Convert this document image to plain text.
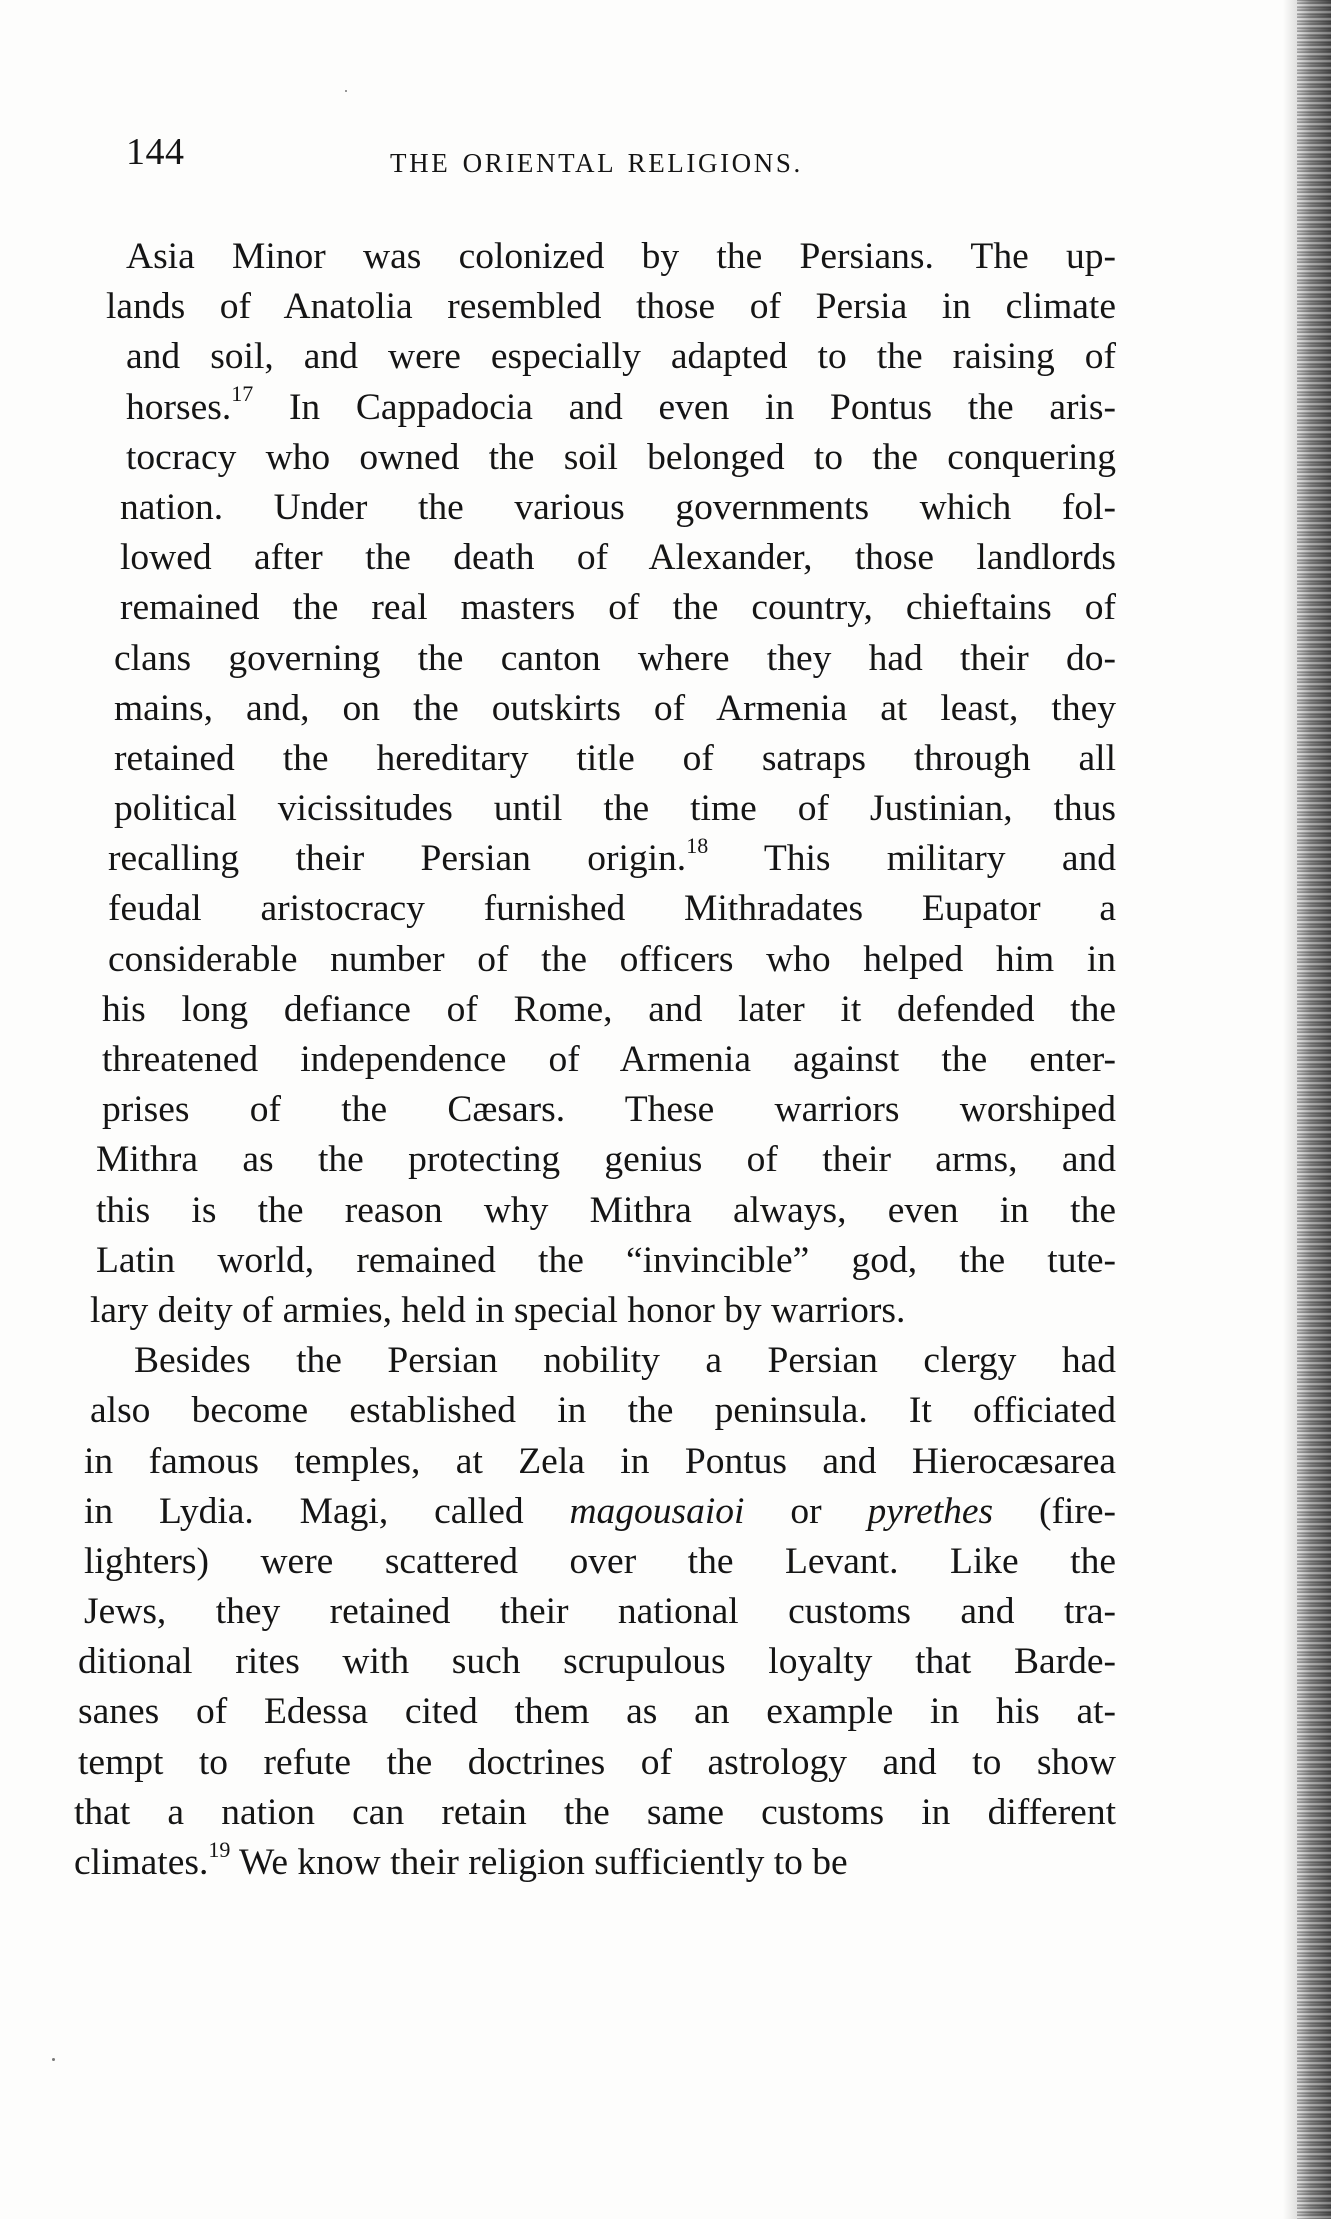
144	THE ORIENTAL RELIGIONS.
Asia Minor was colonized by the Persians. The up-
lands of Anatolia resembled those of Persia in climate
and soil, and were especially adapted to the raising of
horses.$^{17}$ In Cappadocia and even in Pontus the aris-
tocracy who owned the soil belonged to the conquering
nation. Under the various governments which fol-
lowed after the death of Alexander, those landlords
remained the real masters of the country, chieftains of
clans governing the canton where they had their do-
mains, and, on the outskirts of Armenia at least, they
retained the hereditary title of satraps through all
political vicissitudes until the time of Justinian, thus
recalling their Persian origin.$^{18}$ This military and
feudal aristocracy furnished Mithradates Eupator a
considerable number of the officers who helped him in
his long defiance of Rome, and later it defended the
threatened independence of Armenia against the enter-
prises of the Cæsars. These warriors worshiped
Mithra as the protecting genius of their arms, and
this is the reason why Mithra always, even in the
Latin world, remained the “invincible” god, the tute-
lary deity of armies, held in special honor by warriors.
Besides the Persian nobility a Persian clergy had
also become established in the peninsula. It officiated
in famous temples, at Zela in Pontus and Hierocæsarea
in Lydia. Magi, called magousaioi or pyrethes (fire-
lighters) were scattered over the Levant. Like the
Jews, they retained their national customs and tra-
ditional rites with such scrupulous loyalty that Barde-
sanes of Edessa cited them as an example in his at-
tempt to refute the doctrines of astrology and to show
that a nation can retain the same customs in different
climates.$^{19}$ We know their religion sufficiently to be
